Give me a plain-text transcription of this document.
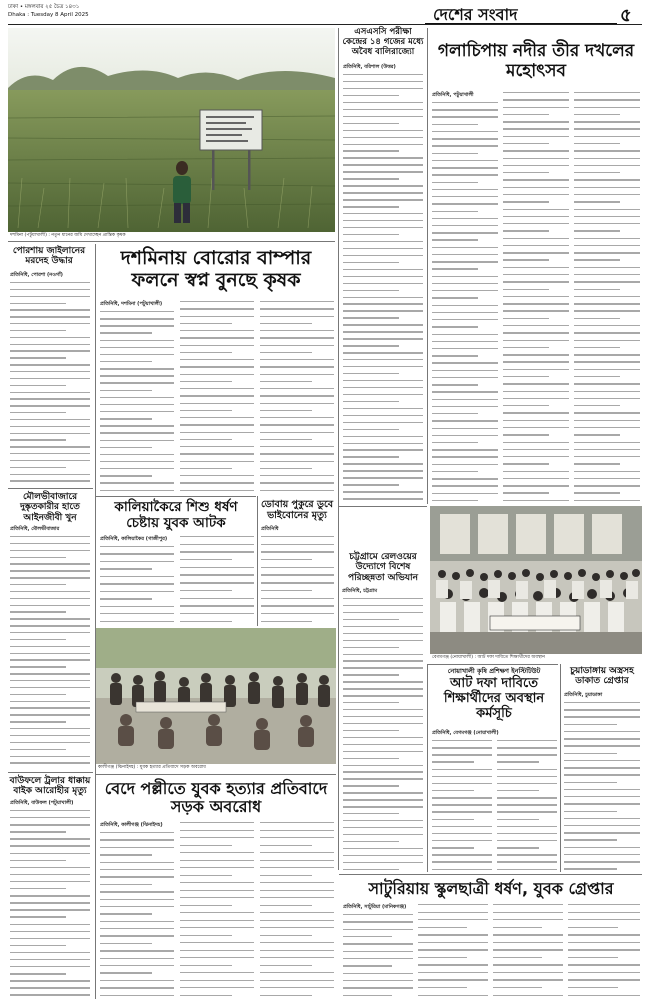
ঢাকা • মঙ্গলবার ২৫ চৈত্র ১৪৩১
Dhaka : Tuesday 8 April 2025	দেশের সংবাদ	৫
দশমিনা (পটুয়াখালী) : নতুন ধানের জমি দেখাচ্ছেন প্রান্তিক কৃষক
পোরশায় জাইলানের মরদেহ উদ্ধার
প্রতিনিধি, পোরশা (নওগাঁ)
মৌলভীবাজারে দুষ্কৃতকারীর হাতে আইনজীবী খুন
প্রতিনিধি, মৌলভীবাজার
বাউফলে ট্রলার ধাক্কায় বাইক আরোহীর মৃত্যু
প্রতিনিধি, বাউফল (পটুয়াখালী)
দশমিনায় বোরোর বাম্পার ফলনে স্বপ্ন বুনছে কৃষক
প্রতিনিধি, দশমিনা (পটুয়াখালী)
কালিয়াকৈরে শিশু ধর্ষণ চেষ্টায় যুবক আটক
প্রতিনিধি, কালিয়াকৈর (গাজীপুর)
ডোবায় পুকুরে ডুবে ভাইবোনের মৃত্যু
প্রতিনিধি
কালীগঞ্জ (ঝিনাইদহ) : যুবক হত্যার প্রতিবাদে সড়ক অবরোধ
বেদে পল্লীতে যুবক হত্যার প্রতিবাদে সড়ক অবরোধ
প্রতিনিধি, কালীগঞ্জ (ঝিনাইদহ)
এসএসসি পরীক্ষা কেন্দ্রের ১৪ গজের মধ্যে অবৈধ বালিরাজ্যো
প্রতিনিধি, বরিশাল (উত্তর)
গলাচিপায় নদীর তীর দখলের মহোৎসব
প্রতিনিধি, পটুয়াখালী
চট্টগ্রামে রেলওয়ের উদ্যোগে বিশেষ পরিচ্ছন্নতা অভিযান
প্রতিনিধি, চট্টগ্রাম
বেগমগঞ্জ (নোয়াখালী) : আট দফা দাবিতে শিক্ষার্থীদের অবস্থান
নোয়াখালী কৃষি প্রশিক্ষণ ইনস্টিটিউট
আট দফা দাবিতে শিক্ষার্থীদের অবস্থান কর্মসূচি
প্রতিনিধি, বেগমগঞ্জ (নোয়াখালী)
চুয়াডাঙ্গায় অস্ত্রসহ ডাকাত গ্রেপ্তার
প্রতিনিধি, চুয়াডাঙ্গা
সাটুরিয়ায় স্কুলছাত্রী ধর্ষণ, যুবক গ্রেপ্তার
প্রতিনিধি, সাটুরিয়া (মানিকগঞ্জ)
